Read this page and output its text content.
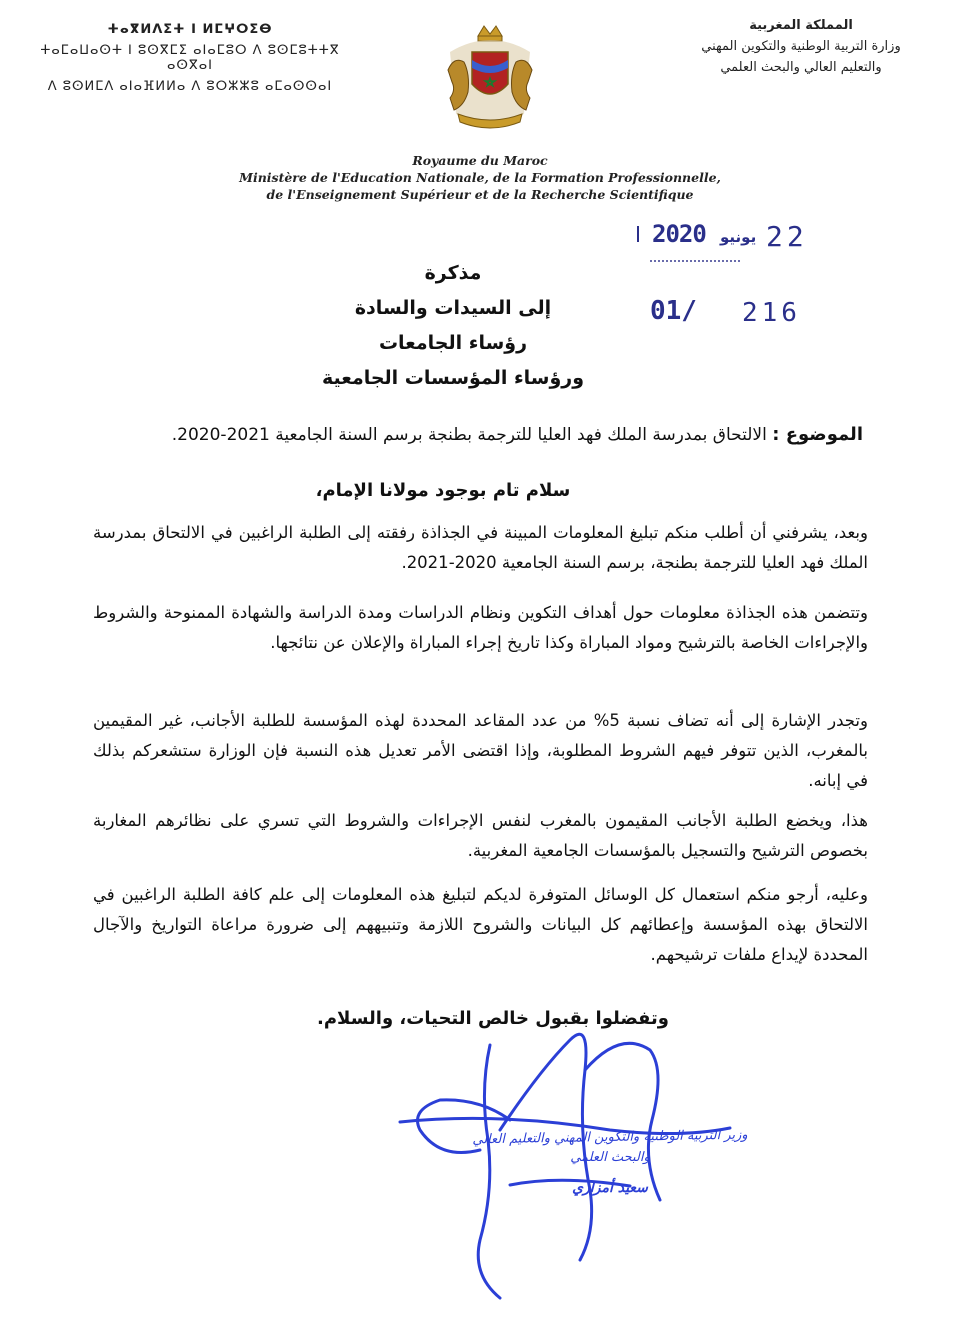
ⵜⴰⴳⵍⴷⵉⵜ ⵏ ⵍⵎⵖⵔⵉⴱ
ⵜⴰⵎⴰⵡⴰⵙⵜ ⵏ ⵓⵙⴳⵎⵉ ⴰⵏⴰⵎⵓⵔ ⴷ ⵓⵙⵎⵓⵜⵜⴳ ⴰⵙⴳⴰⵏ
ⴷ ⵓⵙⵍⵎⴷ ⴰⵏⴰⴼⵍⵍⴰ ⴷ ⵓⵔⵣⵣⵓ ⴰⵎⴰⵙⵙⴰⵏ
المملكة المغربية
وزارة التربية الوطنية والتكوين المهني
والتعليم العالي والبحث العلمي
Royaume du Maroc
Ministère de l'Education Nationale, de la Formation Professionnelle,
de l'Enseignement Supérieur et de la Recherche Scientifique
2020 يونيو 22
01/ 216
مذكرة
إلى السيدات والسادة
رؤساء الجامعات
ورؤساء المؤسسات الجامعية
الموضوع : الالتحاق بمدرسة الملك فهد العليا للترجمة بطنجة برسم السنة الجامعية 2021-2020.
سلام تام بوجود مولانا الإمام،
وبعد، يشرفني أن أطلب منكم تبليغ المعلومات المبينة في الجذاذة رفقته إلى الطلبة الراغبين في الالتحاق بمدرسة الملك فهد العليا للترجمة بطنجة، برسم السنة الجامعية 2020-2021.
وتتضمن هذه الجذاذة معلومات حول أهداف التكوين ونظام الدراسات ومدة الدراسة والشهادة الممنوحة والشروط والإجراءات الخاصة بالترشيح ومواد المباراة وكذا تاريخ إجراء المباراة والإعلان عن نتائجها.
وتجدر الإشارة إلى أنه تضاف نسبة 5% من عدد المقاعد المحددة لهذه المؤسسة للطلبة الأجانب، غير المقيمين بالمغرب، الذين تتوفر فيهم الشروط المطلوبة، وإذا اقتضى الأمر تعديل هذه النسبة فإن الوزارة ستشعركم بذلك في إبانه.
هذا، ويخضع الطلبة الأجانب المقيمون بالمغرب لنفس الإجراءات والشروط التي تسري على نظائرهم المغاربة بخصوص الترشيح والتسجيل بالمؤسسات الجامعية المغربية.
وعليه، أرجو منكم استعمال كل الوسائل المتوفرة لديكم لتبليغ هذه المعلومات إلى علم كافة الطلبة الراغبين في الالتحاق بهذه المؤسسة وإعطائهم كل البيانات والشروح اللازمة وتنبيههم إلى ضرورة مراعاة التواريخ والآجال المحددة لإيداع ملفات ترشيحهم.
وتفضلوا بقبول خالص التحيات، والسلام.
وزير التربية الوطنية والتكوين المهني والتعليم العالي
والبحث العلمي
سعيد أمزازي
